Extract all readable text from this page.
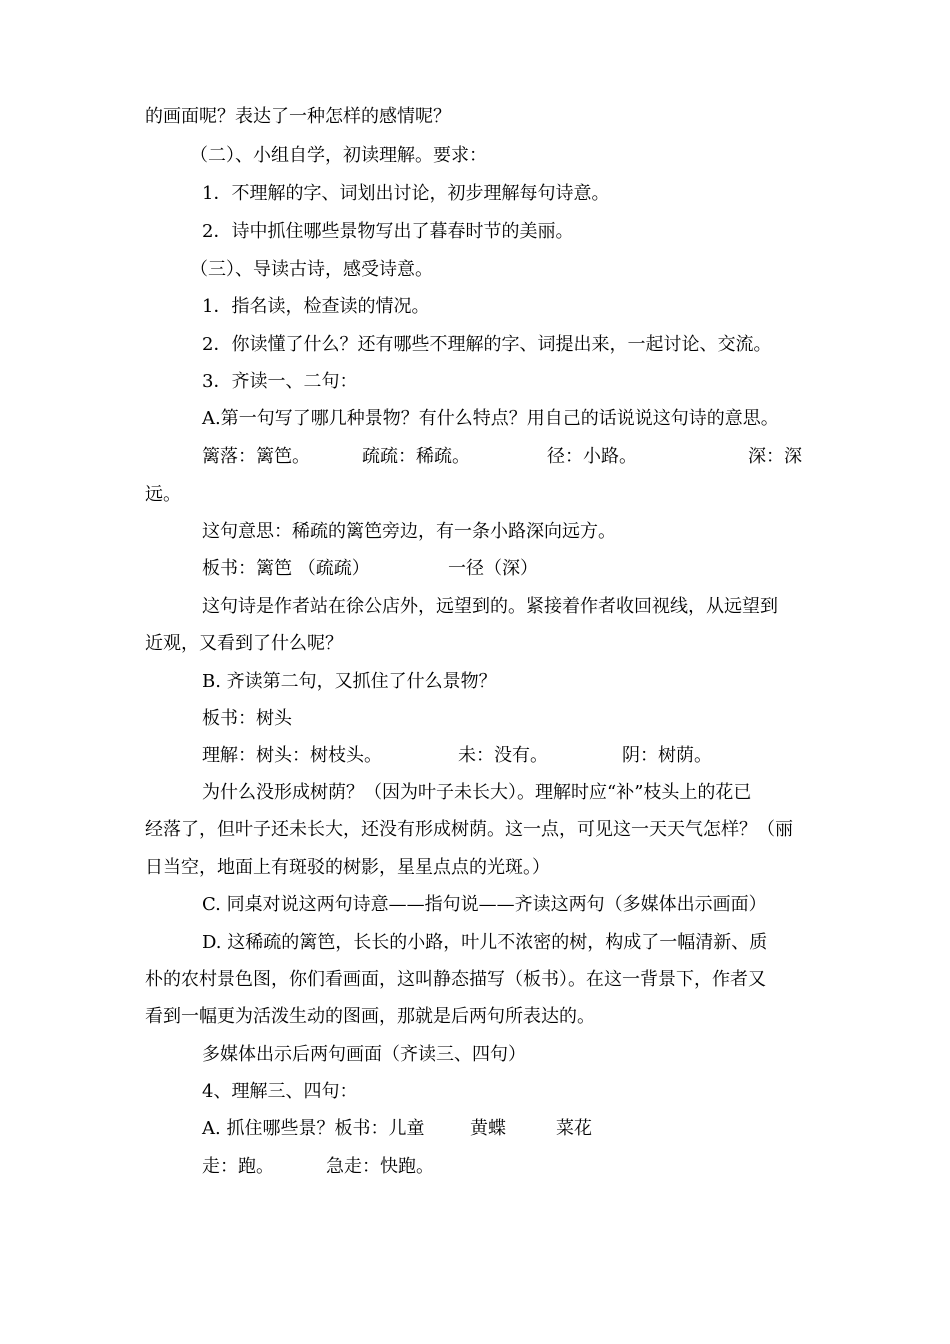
的画面呢？表达了一种怎样的感情呢？
（二）、小组自学，初读理解。要求：
1．不理解的字、词划出讨论，初步理解每句诗意。
2．诗中抓住哪些景物写出了暮春时节的美丽。
（三）、导读古诗，感受诗意。
1．指名读，检查读的情况。
2．你读懂了什么？还有哪些不理解的字、词提出来，一起讨论、交流。
3．齐读一、二句：
A.第一句写了哪几种景物？有什么特点？用自己的话说说这句诗的意思。
篱落：篱笆。	疏疏：稀疏。	径：小路。	深：深
远。
这句意思：稀疏的篱笆旁边，有一条小路深向远方。
板书：篱笆 （疏疏）	一径（深）
这句诗是作者站在徐公店外，远望到的。紧接着作者收回视线，从远望到
近观，又看到了什么呢？
B. 齐读第二句，又抓住了什么景物？
板书：树头
理解：树头：树枝头。	未：没有。	阴：树荫。
为什么没形成树荫？（因为叶子未长大）。理解时应“补”枝头上的花已
经落了，但叶子还未长大，还没有形成树荫。这一点，可见这一天天气怎样？（丽
日当空，地面上有斑驳的树影，星星点点的光斑。）
C. 同桌对说这两句诗意——指句说——齐读这两句（多媒体出示画面）
D. 这稀疏的篱笆，长长的小路，叶儿不浓密的树，构成了一幅清新、质
朴的农村景色图，你们看画面，这叫静态描写（板书）。在这一背景下，作者又
看到一幅更为活泼生动的图画，那就是后两句所表达的。
多媒体出示后两句画面（齐读三、四句）
4、理解三、四句：
A. 抓住哪些景？板书：儿童	黄蝶	菜花
走：跑。	急走：快跑。
